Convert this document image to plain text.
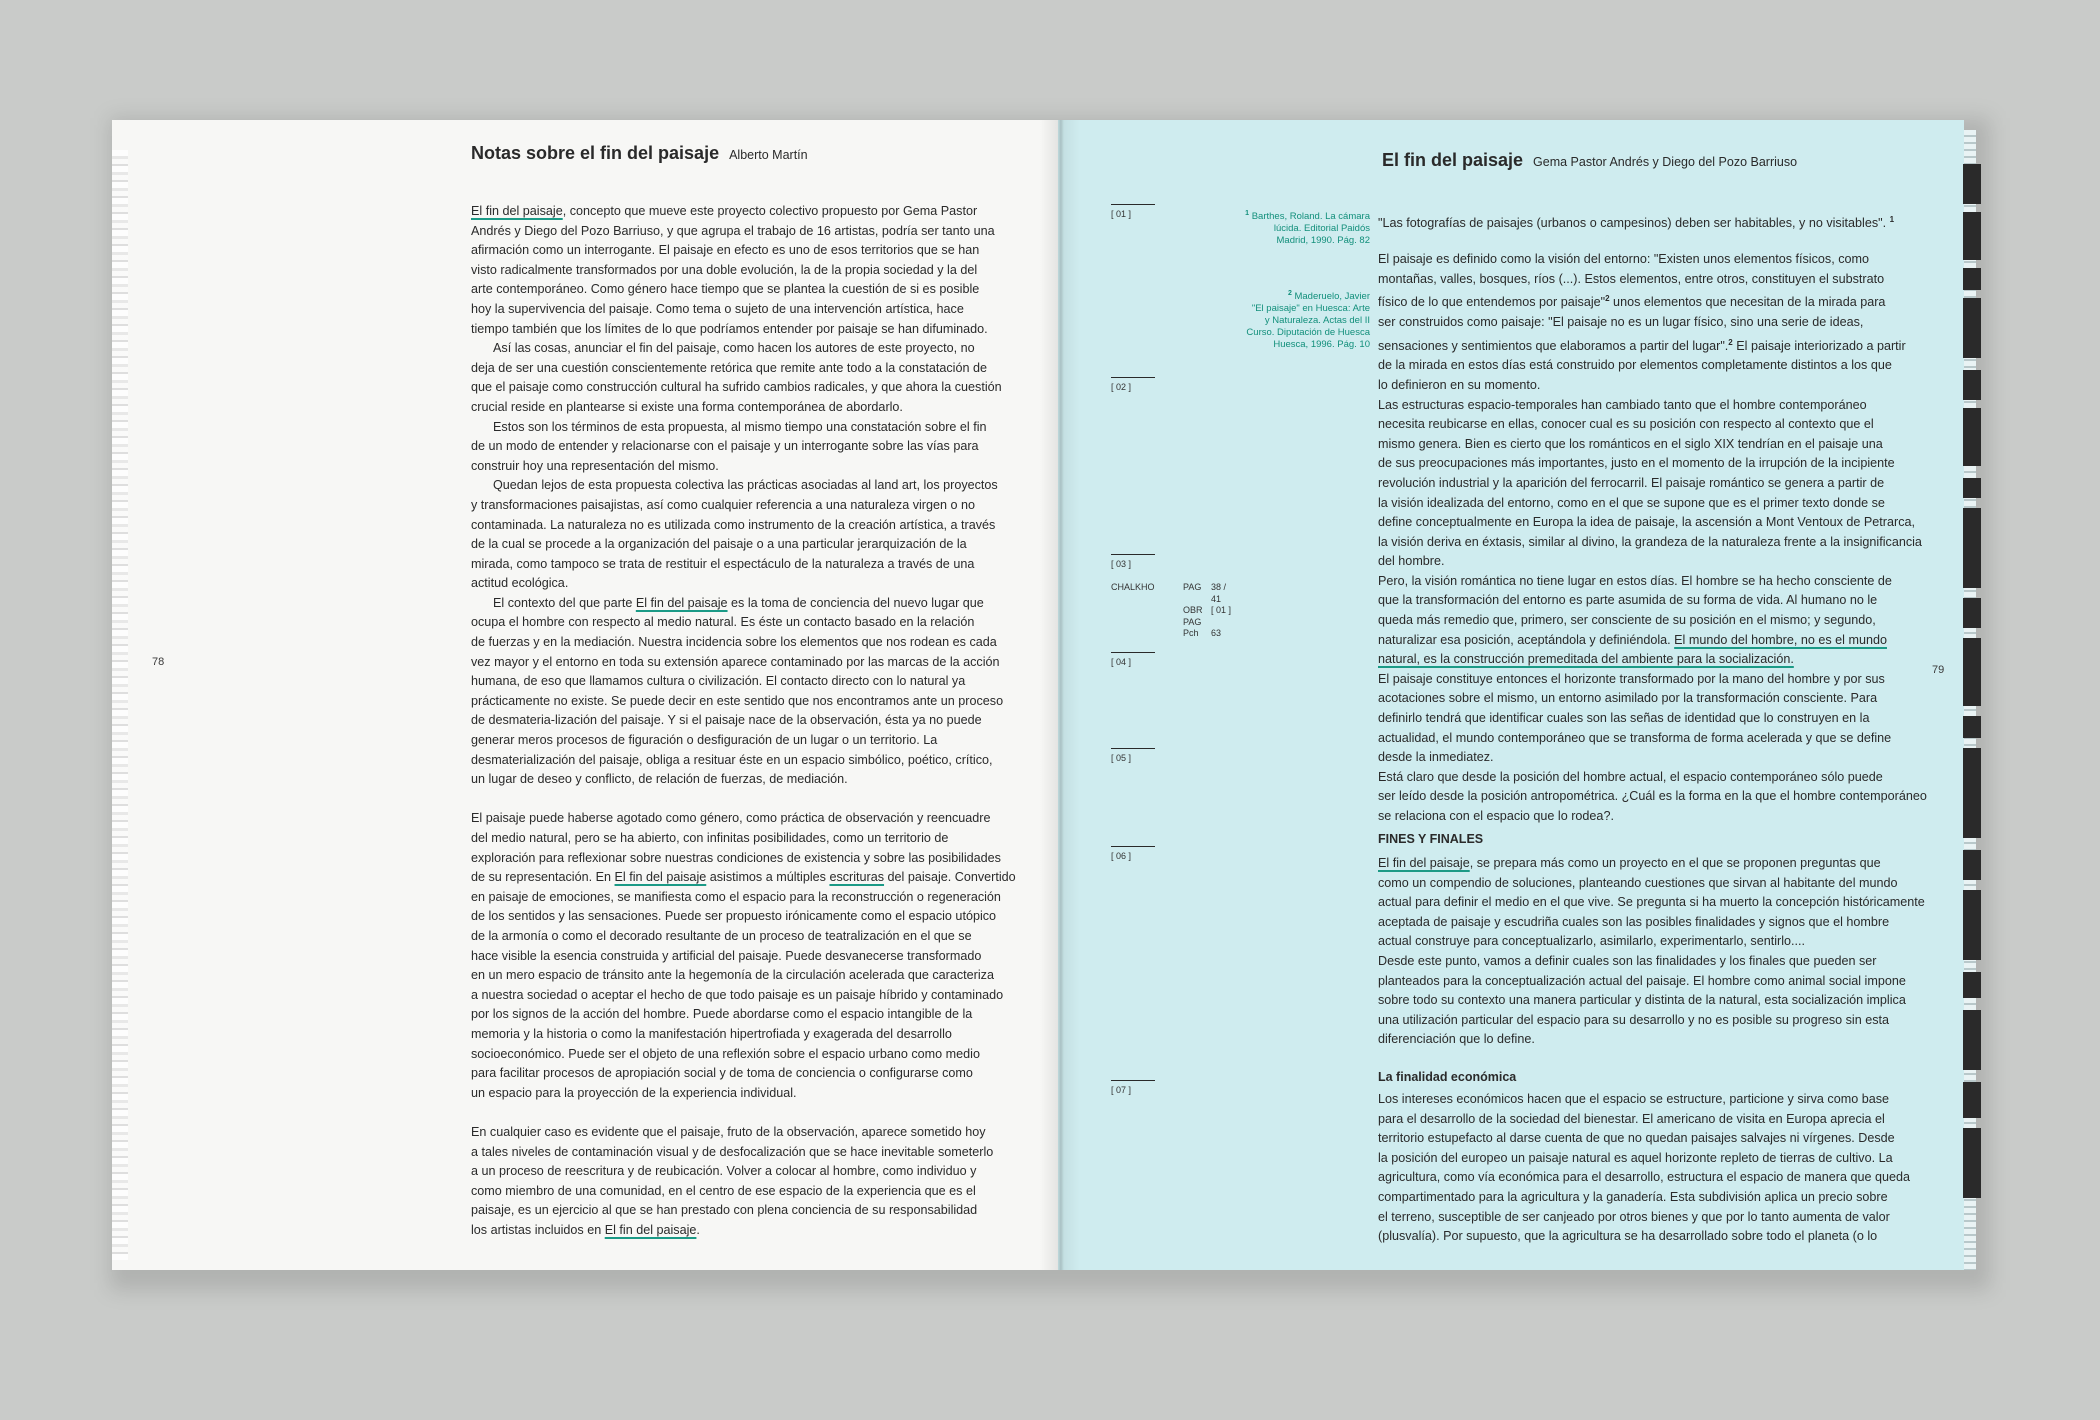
Notas sobre el fin del paisaje Alberto Martín
El fin del paisaje, concepto que mueve este proyecto colectivo propuesto por Gema Pastor
Andrés y Diego del Pozo Barriuso, y que agrupa el trabajo de 16 artistas, podría ser tanto una
afirmación como un interrogante. El paisaje en efecto es uno de esos territorios que se han
visto radicalmente transformados por una doble evolución, la de la propia sociedad y la del
arte contemporáneo. Como género hace tiempo que se plantea la cuestión de si es posible
hoy la supervivencia del paisaje. Como tema o sujeto de una intervención artística, hace
tiempo también que los límites de lo que podríamos entender por paisaje se han difuminado.
Así las cosas, anunciar el fin del paisaje, como hacen los autores de este proyecto, no
deja de ser una cuestión conscientemente retórica que remite ante todo a la constatación de
que el paisaje como construcción cultural ha sufrido cambios radicales, y que ahora la cuestión
crucial reside en plantearse si existe una forma contemporánea de abordarlo.
Estos son los términos de esta propuesta, al mismo tiempo una constatación sobre el fin
de un modo de entender y relacionarse con el paisaje y un interrogante sobre las vías para
construir hoy una representación del mismo.
Quedan lejos de esta propuesta colectiva las prácticas asociadas al land art, los proyectos
y transformaciones paisajistas, así como cualquier referencia a una naturaleza virgen o no
contaminada. La naturaleza no es utilizada como instrumento de la creación artística, a través
de la cual se procede a la organización del paisaje o a una particular jerarquización de la
mirada, como tampoco se trata de restituir el espectáculo de la naturaleza a través de una
actitud ecológica.
El contexto del que parte El fin del paisaje es la toma de conciencia del nuevo lugar que
ocupa el hombre con respecto al medio natural. Es éste un contacto basado en la relación
de fuerzas y en la mediación. Nuestra incidencia sobre los elementos que nos rodean es cada
vez mayor y el entorno en toda su extensión aparece contaminado por las marcas de la acción
humana, de eso que llamamos cultura o civilización. El contacto directo con lo natural ya
prácticamente no existe. Se puede decir en este sentido que nos encontramos ante un proceso
de desmateria-lización del paisaje. Y si el paisaje nace de la observación, ésta ya no puede
generar meros procesos de figuración o desfiguración de un lugar o un territorio. La
desmaterialización del paisaje, obliga a resituar éste en un espacio simbólico, poético, crítico,
un lugar de deseo y conflicto, de relación de fuerzas, de mediación.

El paisaje puede haberse agotado como género, como práctica de observación y reencuadre
del medio natural, pero se ha abierto, con infinitas posibilidades, como un territorio de
exploración para reflexionar sobre nuestras condiciones de existencia y sobre las posibilidades
de su representación. En El fin del paisaje asistimos a múltiples escrituras del paisaje. Convertido
en paisaje de emociones, se manifiesta como el espacio para la reconstrucción o regeneración
de los sentidos y las sensaciones. Puede ser propuesto irónicamente como el espacio utópico
de la armonía o como el decorado resultante de un proceso de teatralización en el que se
hace visible la esencia construida y artificial del paisaje. Puede desvanecerse transformado
en un mero espacio de tránsito ante la hegemonía de la circulación acelerada que caracteriza
a nuestra sociedad o aceptar el hecho de que todo paisaje es un paisaje híbrido y contaminado
por los signos de la acción del hombre. Puede abordarse como el espacio intangible de la
memoria y la historia o como la manifestación hipertrofiada y exagerada del desarrollo
socioeconómico. Puede ser el objeto de una reflexión sobre el espacio urbano como medio
para facilitar procesos de apropiación social y de toma de conciencia o configurarse como
un espacio para la proyección de la experiencia individual.

En cualquier caso es evidente que el paisaje, fruto de la observación, aparece sometido hoy
a tales niveles de contaminación visual y de desfocalización que se hace inevitable someterlo
a un proceso de reescritura y de reubicación. Volver a colocar al hombre, como individuo y
como miembro de una comunidad, en el centro de ese espacio de la experiencia que es el
paisaje, es un ejercicio al que se han prestado con plena conciencia de su responsabilidad
los artistas incluidos en El fin del paisaje.
78
El fin del paisaje Gema Pastor Andrés y Diego del Pozo Barriuso
[ 01 ]
[ 02 ]
[ 03 ]
[ 04 ]
[ 05 ]
[ 06 ]
[ 07 ]
$^1$ Barthes, Roland. La cámara
lúcida. Editorial Paidós
Madrid, 1990. Pág. 82
$^2$ Maderuelo, Javier
"El paisaje" en Huesca: Arte
y Naturaleza. Actas del II
Curso. Diputación de Huesca
Huesca, 1996. Pág. 10
CHALKHO	PAG

OBR
PAG
Pch
38 /
41
[ 01 ]

63
"Las fotografías de paisajes (urbanos o campesinos) deben ser habitables, y no visitables". $^1$
El paisaje es definido como la visión del entorno: "Existen unos elementos físicos, como
montañas, valles, bosques, ríos (...). Estos elementos, entre otros, constituyen el substrato
físico de lo que entendemos por paisaje"$^2$ unos elementos que necesitan de la mirada para
ser construidos como paisaje: "El paisaje no es un lugar físico, sino una serie de ideas,
sensaciones y sentimientos que elaboramos a partir del lugar".$^2$ El paisaje interiorizado a partir
de la mirada en estos días está construido por elementos completamente distintos a los que
lo definieron en su momento.
Las estructuras espacio-temporales han cambiado tanto que el hombre contemporáneo
necesita reubicarse en ellas, conocer cual es su posición con respecto al contexto que el
mismo genera. Bien es cierto que los románticos en el siglo XIX tendrían en el paisaje una
de sus preocupaciones más importantes, justo en el momento de la irrupción de la incipiente
revolución industrial y la aparición del ferrocarril. El paisaje romántico se genera a partir de
la visión idealizada del entorno, como en el que se supone que es el primer texto donde se
define conceptualmente en Europa la idea de paisaje, la ascensión a Mont Ventoux de Petrarca,
la visión deriva en éxtasis, similar al divino, la grandeza de la naturaleza frente a la insignificancia
del hombre.
Pero, la visión romántica no tiene lugar en estos días. El hombre se ha hecho consciente de
que la transformación del entorno es parte asumida de su forma de vida. Al humano no le
queda más remedio que, primero, ser consciente de su posición en el mismo; y segundo,
naturalizar esa posición, aceptándola y definiéndola. El mundo del hombre, no es el mundo
natural, es la construcción premeditada del ambiente para la socialización.
El paisaje constituye entonces el horizonte transformado por la mano del hombre y por sus
acotaciones sobre el mismo, un entorno asimilado por la transformación consciente. Para
definirlo tendrá que identificar cuales son las señas de identidad que lo construyen en la
actualidad, el mundo contemporáneo que se transforma de forma acelerada y que se define
desde la inmediatez.
Está claro que desde la posición del hombre actual, el espacio contemporáneo sólo puede
ser leído desde la posición antropométrica. ¿Cuál es la forma en la que el hombre contemporáneo
se relaciona con el espacio que lo rodea?.
FINES Y FINALES
El fin del paisaje, se prepara más como un proyecto en el que se proponen preguntas que
como un compendio de soluciones, planteando cuestiones que sirvan al habitante del mundo
actual para definir el medio en el que vive. Se pregunta si ha muerto la concepción históricamente
aceptada de paisaje y escudriña cuales son las posibles finalidades y signos que el hombre
actual construye para conceptualizarlo, asimilarlo, experimentarlo, sentirlo....
Desde este punto, vamos a definir cuales son las finalidades y los finales que pueden ser
planteados para la conceptualización actual del paisaje. El hombre como animal social impone
sobre todo su contexto una manera particular y distinta de la natural, esta socialización implica
una utilización particular del espacio para su desarrollo y no es posible su progreso sin esta
diferenciación que lo define.
La finalidad económica
Los intereses económicos hacen que el espacio se estructure, particione y sirva como base
para el desarrollo de la sociedad del bienestar. El americano de visita en Europa aprecia el
territorio estupefacto al darse cuenta de que no quedan paisajes salvajes ni vírgenes. Desde
la posición del europeo un paisaje natural es aquel horizonte repleto de tierras de cultivo. La
agricultura, como vía económica para el desarrollo, estructura el espacio de manera que queda
compartimentado para la agricultura y la ganadería. Esta subdivisión aplica un precio sobre
el terreno, susceptible de ser canjeado por otros bienes y que por lo tanto aumenta de valor
(plusvalía). Por supuesto, que la agricultura se ha desarrollado sobre todo el planeta (o lo
79
